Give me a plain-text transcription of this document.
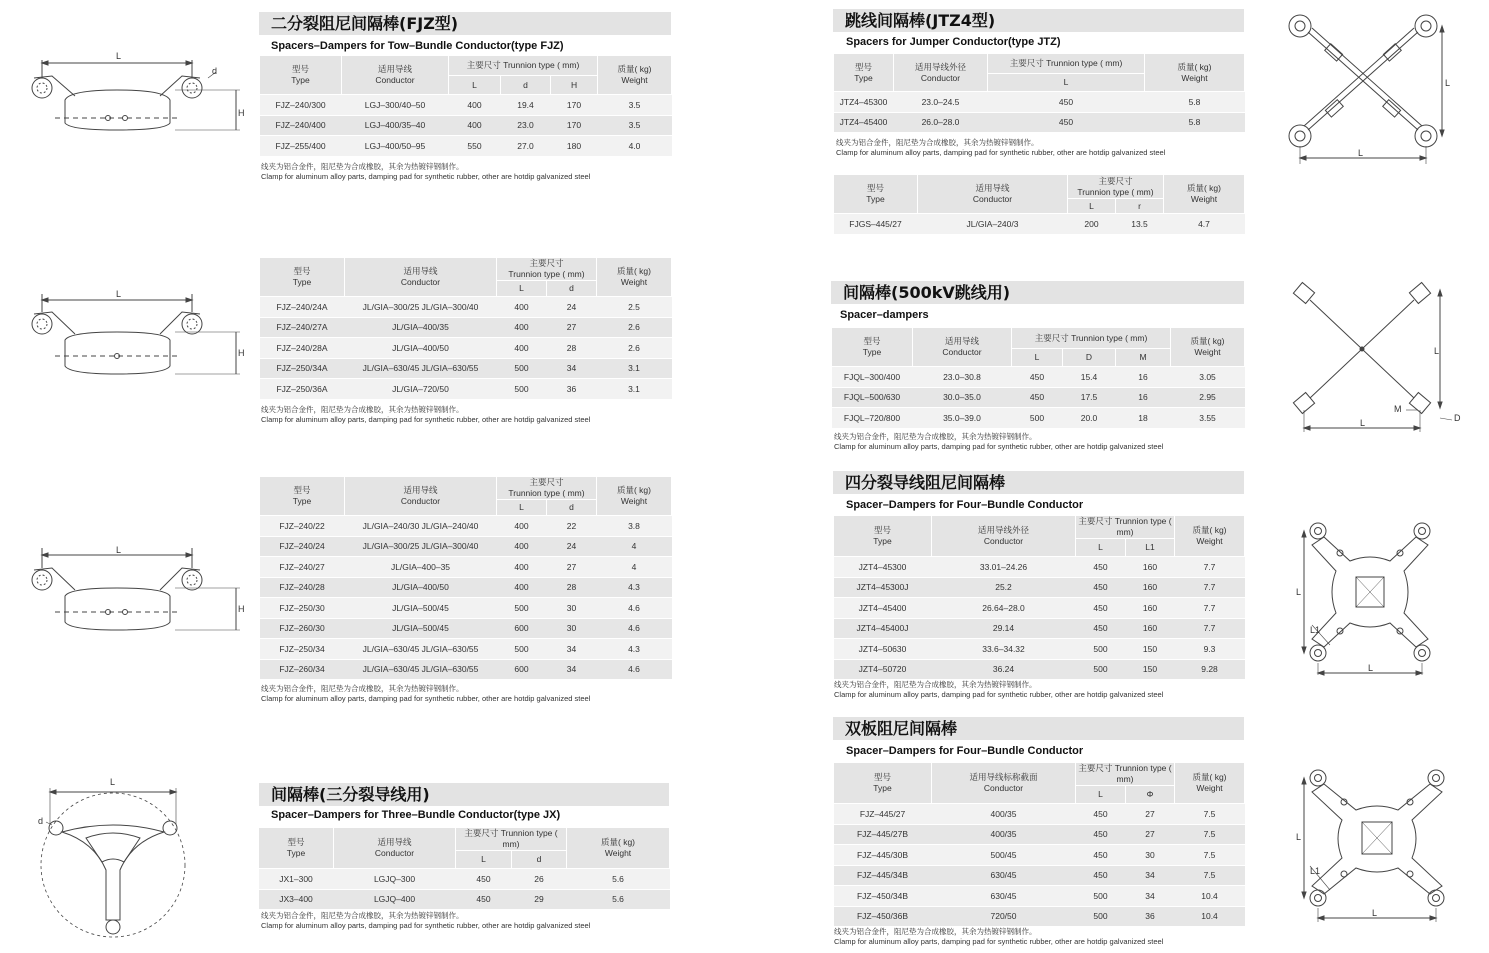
二分裂阻尼间隔棒(FJZ型)
Spacers–Dampers for Tow–Bundle Conductor(type FJZ)
型号
Type	适用导线
Conductor	主要尺寸 Trunnion type ( mm)			质量( kg)
Weight

		L	d	H	
FJZ–240/300	LGJ–300/40–50	400	19.4	170	3.5
FJZ–240/400	LGJ–400/35–40	400	23.0	170	3.5
FJZ–255/400	LGJ–400/50–95	550	27.0	180	4.0
线夹为铝合金件，阻尼垫为合成橡胶，其余为热镀锌钢制作。
Clamp for aluminum alloy parts, damping pad for synthetic rubber, other are hotdip galvanized steel
型号
Type	适用导线
Conductor	主要尺寸
Trunnion type ( mm)		质量( kg)
Weight

		L	d	
FJZ–240/24A	JL/GIA–300/25 JL/GIA–300/40	400	24	2.5
FJZ–240/27A	JL/GIA–400/35	400	27	2.6
FJZ–240/28A	JL/GIA–400/50	400	28	2.6
FJZ–250/34A	JL/GIA–630/45 JL/GIA–630/55	500	34	3.1
FJZ–250/36A	JL/GIA–720/50	500	36	3.1
线夹为铝合金件，阻尼垫为合成橡胶，其余为热镀锌钢制作。
Clamp for aluminum alloy parts, damping pad for synthetic rubber, other are hotdip galvanized steel
型号
Type	适用导线
Conductor	主要尺寸
Trunnion type ( mm)		质量( kg)
Weight

		L	d	
FJZ–240/22	JL/GIA–240/30 JL/GIA–240/40	400	22	3.8
FJZ–240/24	JL/GIA–300/25 JL/GIA–300/40	400	24	4
FJZ–240/27	JL/GIA–400–35	400	27	4
FJZ–240/28	JL/GIA–400/50	400	28	4.3
FJZ–250/30	JL/GIA–500/45	500	30	4.6
FJZ–260/30	JL/GIA–500/45	600	30	4.6
FJZ–250/34	JL/GIA–630/45 JL/GIA–630/55	500	34	4.3
FJZ–260/34	JL/GIA–630/45 JL/GIA–630/55	600	34	4.6
线夹为铝合金件，阻尼垫为合成橡胶，其余为热镀锌钢制作。
Clamp for aluminum alloy parts, damping pad for synthetic rubber, other are hotdip galvanized steel
间隔棒(三分裂导线用)
Spacer–Dampers for Three–Bundle Conductor(type JX)
型号
Type	适用导线
Conductor	主要尺寸 Trunnion type ( mm)		质量( kg)
Weight

		L	d	
JX1–300	LGJQ–300	450	26	5.6
JX3–400	LGJQ–400	450	29	5.6
线夹为铝合金件，阻尼垫为合成橡胶，其余为热镀锌钢制作。
Clamp for aluminum alloy parts, damping pad for synthetic rubber, other are hotdip galvanized steel
跳线间隔棒(JTZ4型)
Spacers for Jumper Conductor(type JTZ)
型号
Type	适用导线外径
Conductor	主要尺寸 Trunnion type ( mm)	质量( kg)
Weight

		L	
JTZ4–45300	23.0–24.5	450	5.8
JTZ4–45400	26.0–28.0	450	5.8
线夹为铝合金件，阻尼垫为合成橡胶，其余为热镀锌钢制作。
Clamp for aluminum alloy parts, damping pad for synthetic rubber, other are hotdip galvanized steel
型号
Type	适用导线
Conductor	主要尺寸
Trunnion type ( mm)		质量( kg)
Weight

		L	r	
FJGS–445/27	JL/GIA–240/3	200	13.5	4.7
间隔棒(500kV跳线用)
Spacer–dampers
型号
Type	适用导线
Conductor	主要尺寸 Trunnion type ( mm)			质量( kg)
Weight

		L	D	M	
FJQL–300/400	23.0–30.8	450	15.4	16	3.05
FJQL–500/630	30.0–35.0	450	17.5	16	2.95
FJQL–720/800	35.0–39.0	500	20.0	18	3.55
线夹为铝合金件，阻尼垫为合成橡胶，其余为热镀锌钢制作。
Clamp for aluminum alloy parts, damping pad for synthetic rubber, other are hotdip galvanized steel
四分裂导线阻尼间隔棒
Spacer–Dampers for Four–Bundle Conductor
型号
Type	适用导线外径
Conductor	主要尺寸 Trunnion type ( mm)		质量( kg)
Weight

		L	L1	
JZT4–45300	33.01–24.26	450	160	7.7
JZT4–45300J	25.2	450	160	7.7
JZT4–45400	26.64–28.0	450	160	7.7
JZT4–45400J	29.14	450	160	7.7
JZT4–50630	33.6–34.32	500	150	9.3
JZT4–50720	36.24	500	150	9.28
线夹为铝合金件，阻尼垫为合成橡胶，其余为热镀锌钢制作。
Clamp for aluminum alloy parts, damping pad for synthetic rubber, other are hotdip galvanized steel
双板阻尼间隔棒
Spacer–Dampers for Four–Bundle Conductor
型号
Type	适用导线标称截面
Conductor	主要尺寸 Trunnion type ( mm)		质量( kg)
Weight

		L	Φ	
FJZ–445/27	400/35	450	27	7.5
FJZ–445/27B	400/35	450	27	7.5
FJZ–445/30B	500/45	450	30	7.5
FJZ–445/34B	630/45	450	34	7.5
FJZ–450/34B	630/45	500	34	10.4
FJZ–450/36B	720/50	500	36	10.4
线夹为铝合金件，阻尼垫为合成橡胶，其余为热镀锌钢制作。
Clamp for aluminum alloy parts, damping pad for synthetic rubber, other are hotdip galvanized steel
L
d
H
L
H
L
H
L
d
L
L
L
L
M
D
L
L1
L
L
L1
L
